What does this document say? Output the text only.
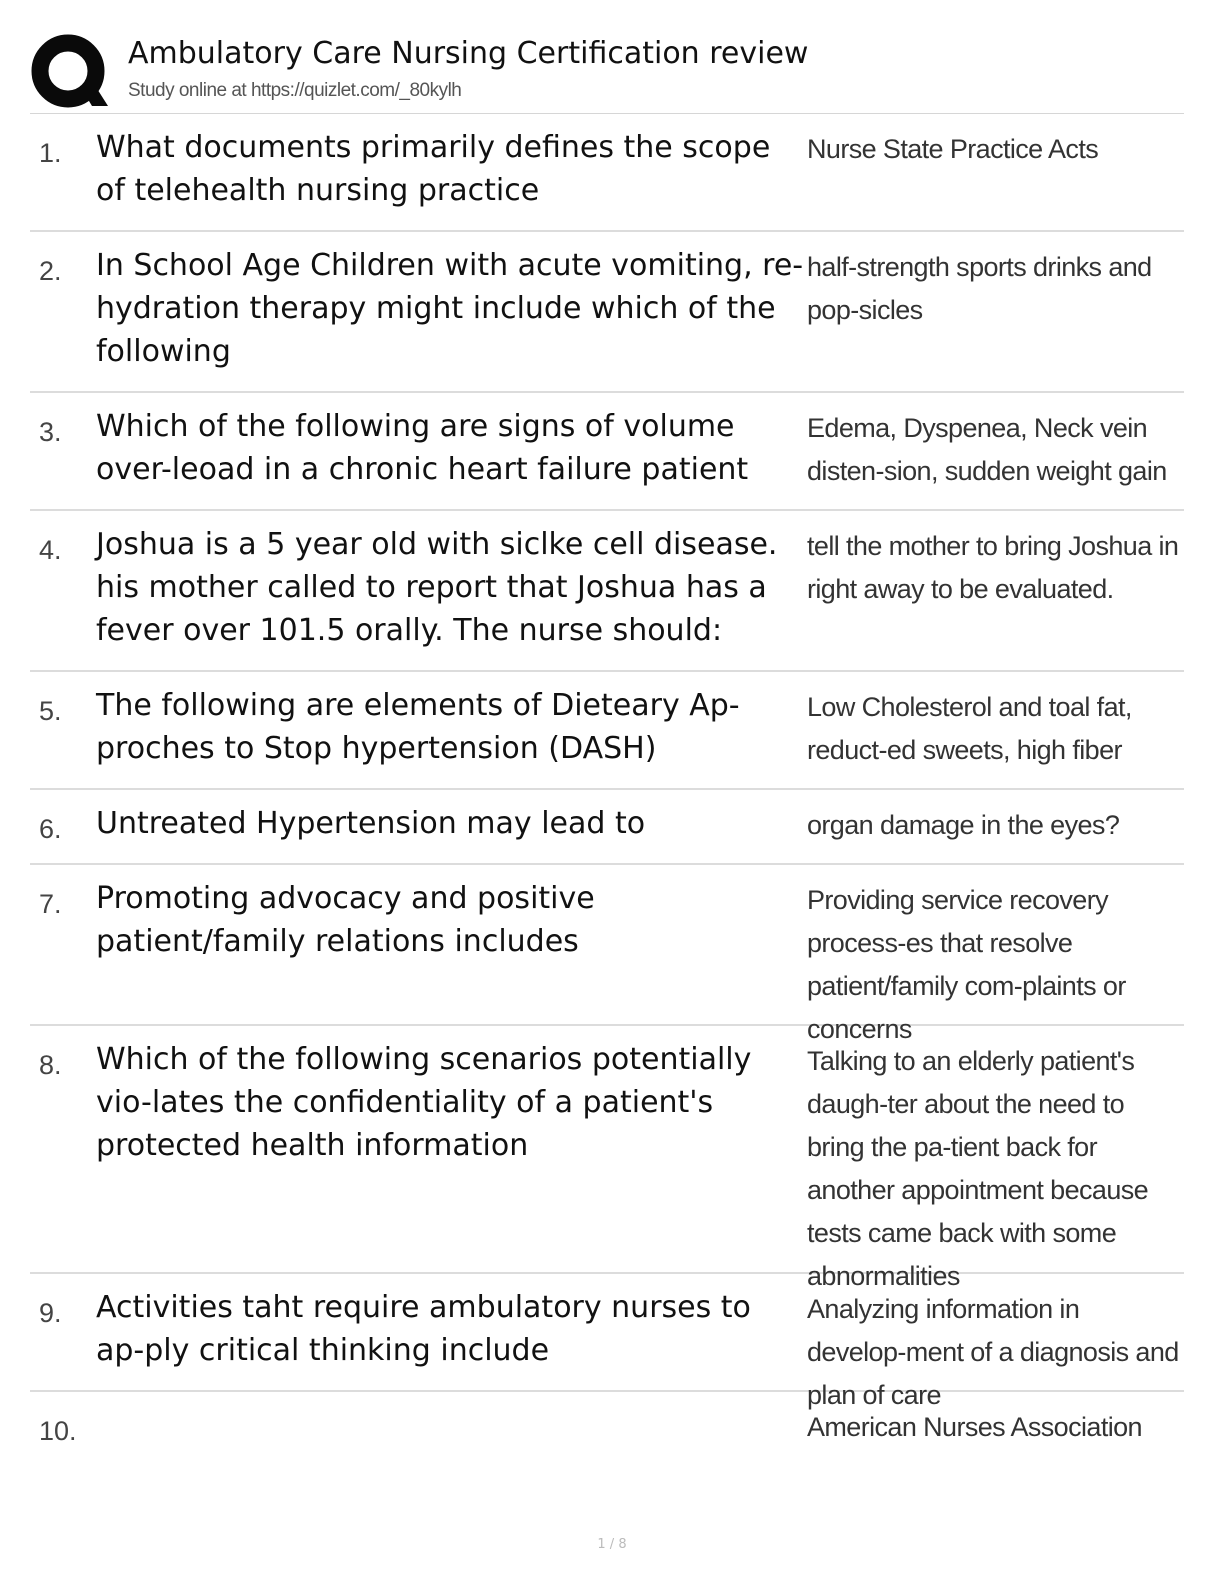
Ambulatory Care Nursing Certification review
Study online at https://quizlet.com/_80kylh
1. What documents primarily defines the scope of telehealth nursing practice
Nurse State Practice Acts
2. In School Age Children with acute vomiting, re-hydration therapy might include which of the following
half-strength sports drinks and pop-sicles
3. Which of the following are signs of volume over-leoad in a chronic heart failure patient
Edema, Dyspenea, Neck vein disten-sion, sudden weight gain
4. Joshua is a 5 year old with siclke cell disease. his mother called to report that Joshua has a fever over 101.5 orally. The nurse should:
tell the mother to bring Joshua in right away to be evaluated.
5. The following are elements of Dieteary Ap-proches to Stop hypertension (DASH)
Low Cholesterol and toal fat, reduct-ed sweets, high fiber
6. Untreated Hypertension may lead to	organ damage in the eyes?
7. Promoting advocacy and positive patient/family relations includes
Providing service recovery process-es that resolve patient/family com-plaints or concerns
8. Which of the following scenarios potentially vio-lates the confidentiality of a patient's protected health information
Talking to an elderly patient's daugh-ter about the need to bring the pa-tient back for another appointment because tests came back with some abnormalities
9. Activities taht require ambulatory nurses to ap-ply critical thinking include
Analyzing information in develop-ment of a diagnosis and plan of care
10.	American Nurses Association
1 / 8
